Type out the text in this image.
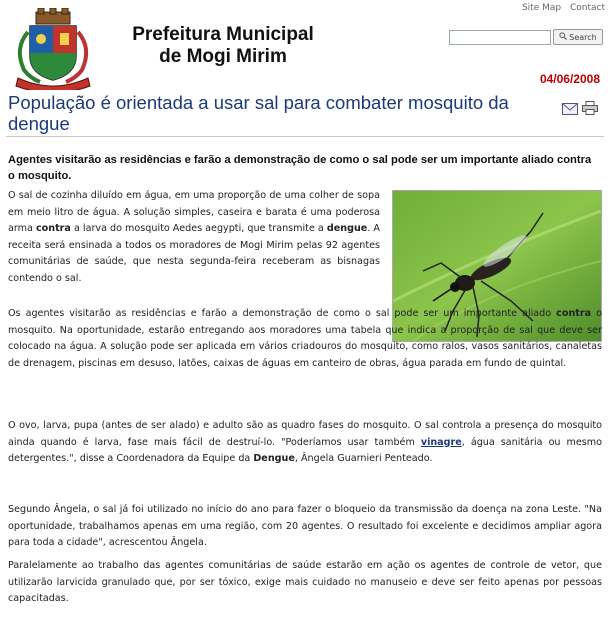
Prefeitura Municipal
de Mogi Mirim
Site Map Contact
Search
04/06/2008
População é orientada a usar sal para combater mosquito da dengue
Agentes visitarão as residências e farão a demonstração de como o sal pode ser um importante aliado contra o mosquito.

O sal de cozinha diluído em água, em uma proporção de uma colher de sopa em meio litro de água. A solução simples, caseira e barata é uma poderosa arma contra a larva do mosquito Aedes aegypti, que transmite a dengue. A receita será ensinada a todos os moradores de Mogi Mirim pelas 92 agentes comunitárias de saúde, que nesta segunda-feira receberam as bisnagas contendo o sal.

Os agentes visitarão as residências e farão a demonstração de como o sal pode ser um importante aliado contra o mosquito. Na oportunidade, estarão entregando aos moradores uma tabela que indica a proporção de sal que deve ser colocado na água. A solução pode ser aplicada em vários criadouros do mosquito, como ralos, vasos sanitários, canaletas de drenagem, piscinas em desuso, latões, caixas de águas em canteiro de obras, água parada em fundo de quintal.

O ovo, larva, pupa (antes de ser alado) e adulto são as quadro fases do mosquito. O sal controla a presença do mosquito ainda quando é larva, fase mais fácil de destruí-lo. "Poderíamos usar também vinagre, água sanitária ou mesmo detergentes.", disse a Coordenadora da Equipe da Dengue, Ângela Guarnieri Penteado.

Segundo Ângela, o sal já foi utilizado no início do ano para fazer o bloqueio da transmissão da doença na zona Leste. "Na oportunidade, trabalhamos apenas em uma região, com 20 agentes. O resultado foi excelente e decidimos ampliar agora para toda a cidade", acrescentou Ângela.

Paralelamente ao trabalho das agentes comunitárias de saúde estarão em ação os agentes de controle de vetor, que utilizarão larvicida granulado que, por ser tóxico, exige mais cuidado no manuseio e deve ser feito apenas por pessoas capacitadas.
